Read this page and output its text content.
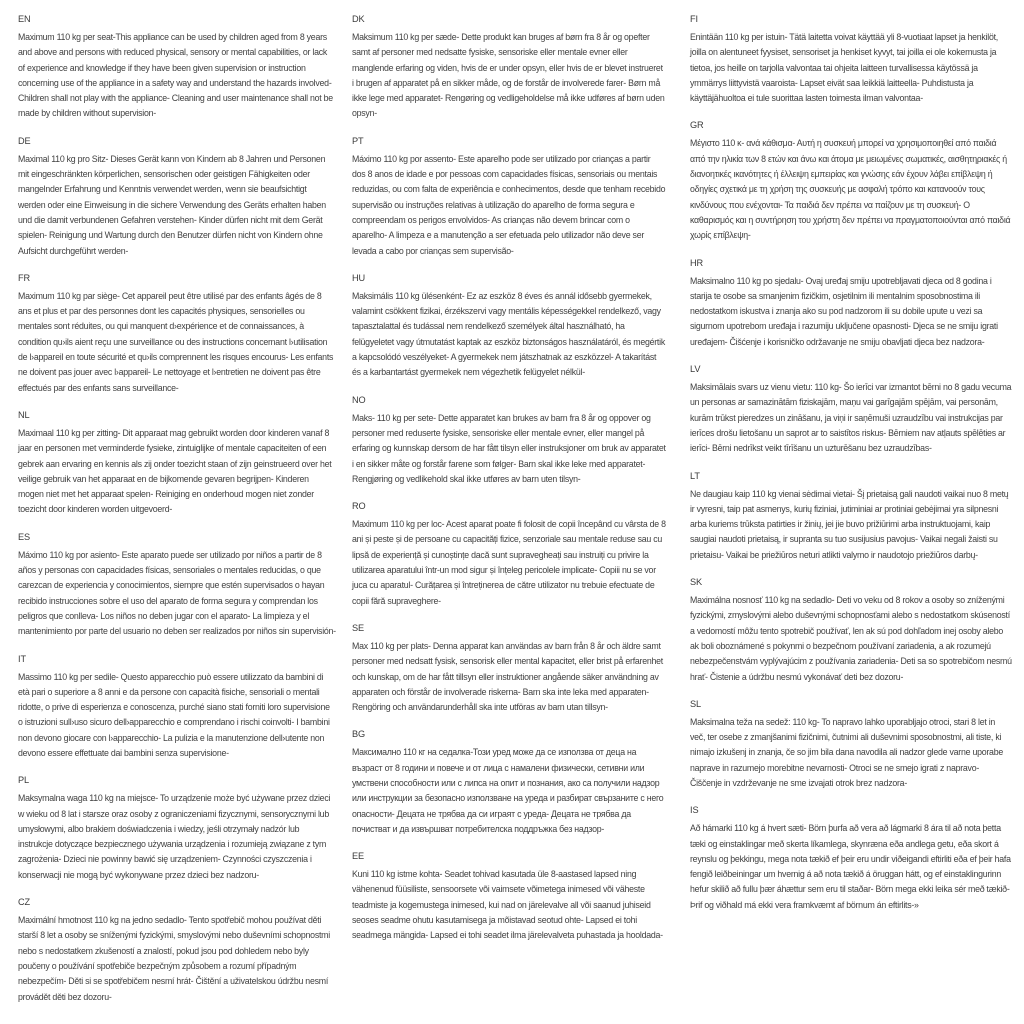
EN

Maximum 110 kg per seat-This appliance can be used by children aged from 8 years and above and persons with reduced physical, sensory or mental capabilities, or lack of experience and knowledge if they have been given supervision or instruction concerning use of the appliance in a safety way and understand the hazards involved- Children shall not play with the appliance- Cleaning and user maintenance shall not be made by children without supervision-

DE

Maximal 110 kg pro Sitz- Dieses Gerät kann von Kindern ab 8 Jahren und Personen mit eingeschränkten körperlichen, sensorischen oder geistigen Fähigkeiten oder mangelnder Erfahrung und Kenntnis verwendet werden, wenn sie beaufsichtigt werden oder eine Einweisung in die sichere Verwendung des Geräts erhalten haben und die damit verbundenen Gefahren verstehen- Kinder dürfen nicht mit dem Gerät spielen- Reinigung und Wartung durch den Benutzer dürfen nicht von Kindern ohne Aufsicht durchgeführt werden-

FR

Maximum 110 kg par siège- Cet appareil peut être utilisé par des enfants âgés de 8 ans et plus et par des personnes dont les capacités physiques, sensorielles ou mentales sont réduites, ou qui manquent d›expérience et de connaissances, à condition qu›ils aient reçu une surveillance ou des instructions concernant l›utilisation de l›appareil en toute sécurité et qu›ils comprennent les risques encourus- Les enfants ne doivent pas jouer avec l›appareil- Le nettoyage et l›entretien ne doivent pas être effectués par des enfants sans surveillance-

NL

Maximaal 110 kg per zitting- Dit apparaat mag gebruikt worden door kinderen vanaf 8 jaar en personen met verminderde fysieke, zintuiglijke of mentale capaciteiten of een gebrek aan ervaring en kennis als zij onder toezicht staan of zijn geinstrueerd over het veilige gebruik van het apparaat en de bijkomende gevaren begrijpen- Kinderen mogen niet met het apparaat spelen- Reiniging en onderhoud mogen niet zonder toezicht door kinderen worden uitgevoerd-

ES

Máximo 110 kg por asiento- Este aparato puede ser utilizado por niños a partir de 8 años y personas con capacidades físicas, sensoriales o mentales reducidas, o que carezcan de experiencia y conocimientos, siempre que estén supervisados o hayan recibido instrucciones sobre el uso del aparato de forma segura y comprendan los peligros que conlleva- Los niños no deben jugar con el aparato- La limpieza y el mantenimiento por parte del usuario no deben ser realizados por niños sin supervisión-

IT

Massimo 110 kg per sedile- Questo apparecchio può essere utilizzato da bambini di età pari o superiore a 8 anni e da persone con capacità fisiche, sensoriali o mentali ridotte, o prive di esperienza e conoscenza, purché siano stati forniti loro supervisione o istruzioni sull›uso sicuro dell›apparecchio e comprendano i rischi coinvolti- I bambini non devono giocare con l›apparecchio- La pulizia e la manutenzione dell›utente non devono essere effettuate dai bambini senza supervisione-

PL

Maksymalna waga 110 kg na miejsce- To urządzenie może być używane przez dzieci w wieku od 8 lat i starsze oraz osoby z ograniczeniami fizycznymi, sensorycznymi lub umysłowymi, albo brakiem doświadczenia i wiedzy, jeśli otrzymały nadzór lub instrukcje dotyczące bezpiecznego używania urządzenia i rozumieją związane z tym zagrożenia- Dzieci nie powinny bawić się urządzeniem- Czynności czyszczenia i konserwacji nie mogą być wykonywane przez dzieci bez nadzoru-

CZ

Maximální hmotnost 110 kg na jedno sedadlo- Tento spotřebič mohou používat děti starší 8 let a osoby se sníženými fyzickými, smyslovými nebo duševními schopnostmi nebo s nedostatkem zkušeností a znalostí, pokud jsou pod dohledem nebo byly poučeny o používání spotřebiče bezpečným způsobem a rozumí případným nebezpečím- Děti si se spotřebičem nesmí hrát- Čištění a uživatelskou údržbu nesmí provádět děti bez dozoru-

DK

Maksimum 110 kg per sæde- Dette produkt kan bruges af børn fra 8 år og opefter samt af personer med nedsatte fysiske, sensoriske eller mentale evner eller manglende erfaring og viden, hvis de er under opsyn, eller hvis de er blevet instrueret i brugen af apparatet på en sikker måde, og de forstår de involverede farer- Børn må ikke lege med apparatet- Rengøring og vedligeholdelse må ikke udføres af børn uden opsyn-

PT

Máximo 110 kg por assento- Este aparelho pode ser utilizado por crianças a partir dos 8 anos de idade e por pessoas com capacidades físicas, sensoriais ou mentais reduzidas, ou com falta de experiência e conhecimentos, desde que tenham recebido supervisão ou instruções relativas à utilização do aparelho de forma segura e compreendam os perigos envolvidos- As crianças não devem brincar com o aparelho- A limpeza e a manutenção a ser efetuada pelo utilizador não deve ser levada a cabo por crianças sem supervisão-

HU

Maksimális 110 kg ülésenként- Ez az eszköz 8 éves és annál idősebb gyermekek, valamint csökkent fizikai, érzékszervi vagy mentális képességekkel rendelkező, vagy tapasztalattal és tudással nem rendelkező személyek által használható, ha felügyeletet vagy útmutatást kaptak az eszköz biztonságos használatáról, és megértik a kapcsolódó veszélyeket- A gyermekek nem játszhatnak az eszközzel- A takarítást és a karbantartást gyermekek nem végezhetik felügyelet nélkül-

NO

Maks- 110 kg per sete- Dette apparatet kan brukes av barn fra 8 år og oppover og personer med reduserte fysiske, sensoriske eller mentale evner, eller mangel på erfaring og kunnskap dersom de har fått tilsyn eller instruksjoner om bruk av apparatet i en sikker måte og forstår farene som følger- Barn skal ikke leke med apparatet- Rengjøring og vedlikehold skal ikke utføres av barn uten tilsyn-

RO

Maximum 110 kg per loc- Acest aparat poate fi folosit de copii începând cu vârsta de 8 ani și peste și de persoane cu capacități fizice, senzoriale sau mentale reduse sau cu lipsă de experiență și cunoștințe dacă sunt supravegheați sau instruiți cu privire la utilizarea aparatului într-un mod sigur și înțeleg pericolele implicate- Copiii nu se vor juca cu aparatul- Curățarea și întreținerea de către utilizator nu trebuie efectuate de copii fără supraveghere-

SE

Max 110 kg per plats- Denna apparat kan användas av barn från 8 år och äldre samt personer med nedsatt fysisk, sensorisk eller mental kapacitet, eller brist på erfarenhet och kunskap, om de har fått tillsyn eller instruktioner angående säker användning av apparaten och förstår de involverade riskerna- Barn ska inte leka med apparaten- Rengöring och användarunderhåll ska inte utföras av barn utan tillsyn-

BG

Максимално 110 кг на седалка-Този уред може да се използва от деца на възраст от 8 години и повече и от лица с намалени физически, сетивни или умствени способности или с липса на опит и познания, ако са получили надзор или инструкции за безопасно използване на уреда и разбират свързаните с него опасности- Децата не трябва да си играят с уреда- Децата не трябва да почистват и да извършват потребителска поддръжка без надзор-

EE

Kuni 110 kg istme kohta- Seadet tohivad kasutada üle 8-aastased lapsed ning vähenenud füüsiliste, sensoorsete või vaimsete võimetega inimesed või väheste teadmiste ja kogemustega inimesed, kui nad on järelevalve all või saanud juhiseid seoses seadme ohutu kasutamisega ja mõistavad seotud ohte- Lapsed ei tohi seadmega mängida- Lapsed ei tohi seadet ilma järelevalveta puhastada ja hooldada-

FI

Enintään 110 kg per istuin- Tätä laitetta voivat käyttää yli 8-vuotiaat lapset ja henkilöt, joilla on alentuneet fyysiset, sensoriset ja henkiset kyvyt, tai joilla ei ole kokemusta ja tietoa, jos heille on tarjolla valvontaa tai ohjeita laitteen turvallisessa käytössä ja ymmärrys liittyvistä vaaroista- Lapset eivät saa leikkiä laitteella- Puhdistusta ja käyttäjähuoltoa ei tule suorittaa lasten toimesta ilman valvontaa-

GR

Μέγιστο 110 κ- ανά κάθισμα- Αυτή η συσκευή μπορεί να χρησιμοποιηθεί από παιδιά από την ηλικία των 8 ετών και άνω και άτομα με μειωμένες σωματικές, αισθητηριακές ή διανοητικές ικανότητες ή έλλειψη εμπειρίας και γνώσης εάν έχουν λάβει επίβλεψη ή οδηγίες σχετικά με τη χρήση της συσκευής με ασφαλή τρόπο και κατανοούν τους κινδύνους που ενέχονται- Τα παιδιά δεν πρέπει να παίζουν με τη συσκευή- Ο καθαρισμός και η συντήρηση του χρήστη δεν πρέπει να πραγματοποιούνται από παιδιά χωρίς επίβλεψη-

HR

Maksimalno 110 kg po sjedalu- Ovaj uređaj smiju upotrebljavati djeca od 8 godina i starija te osobe sa smanjenim fizičkim, osjetilnim ili mentalnim sposobnostima ili nedostatkom iskustva i znanja ako su pod nadzorom ili su dobile upute u vezi sa sigurnom upotrebom uređaja i razumiju uključene opasnosti- Djeca se ne smiju igrati uređajem- Čišćenje i korisničko održavanje ne smiju obavljati djeca bez nadzora-

LV

Maksimālais svars uz vienu vietu: 110 kg- Šo ierīci var izmantot bērni no 8 gadu vecuma un personas ar samazinātām fiziskajām, maņu vai garīgajām spējām, vai personām, kurām trūkst pieredzes un zināšanu, ja viņi ir saņēmuši uzraudzību vai instrukcijas par ierīces drošu lietošanu un saprot ar to saistītos riskus- Bērniem nav atļauts spēlēties ar ierīci- Bērni nedrīkst veikt tīrīšanu un uzturēšanu bez uzraudzības-

LT

Ne daugiau kaip 110 kg vienai sėdimai vietai- Šį prietaisą gali naudoti vaikai nuo 8 metų ir vyresni, taip pat asmenys, kurių fiziniai, jutiminiai ar protiniai gebėjimai yra silpnesni arba kuriems trūksta patirties ir žinių, jei jie buvo prižiūrimi arba instruktuojami, kaip saugiai naudoti prietaisą, ir supranta su tuo susijusius pavojus- Vaikai negali žaisti su prietaisu- Vaikai be priežiūros neturi atlikti valymo ir naudotojo priežiūros darbų-

SK

Maximálna nosnosť 110 kg na sedadlo- Deti vo veku od 8 rokov a osoby so zníženými fyzickými, zmyslovými alebo duševnými schopnosťami alebo s nedostatkom skúseností a vedomostí môžu tento spotrebič používať, len ak sú pod dohľadom inej osoby alebo ak boli oboznámené s pokynmi o bezpečnom používaní zariadenia, a ak rozumejú nebezpečenstvám vyplývajúcim z používania zariadenia- Deti sa so spotrebičom nesmú hrať- Čistenie a údržbu nesmú vykonávať deti bez dozoru-

SL

Maksimalna teža na sedež: 110 kg- To napravo lahko uporabljajo otroci, stari 8 let in več, ter osebe z zmanjšanimi fizičnimi, čutnimi ali duševnimi sposobnostmi, ali tiste, ki nimajo izkušenj in znanja, če so jim bila dana navodila ali nadzor glede varne uporabe naprave in razumejo morebitne nevarnosti- Otroci se ne smejo igrati z napravo- Čiščenje in vzdrževanje ne sme izvajati otrok brez nadzora-

IS

Að hámarki 110 kg á hvert sæti- Börn þurfa að vera að lágmarki 8 ára til að nota þetta tæki og einstaklingar með skerta líkamlega, skynræna eða andlega getu, eða skort á reynslu og þekkingu, mega nota tækið ef þeir eru undir viðeigandi eftirliti eða ef þeir hafa fengið leiðbeiningar um hvernig á að nota tækið á öruggan hátt, og ef einstaklingurinn hefur skilið að fullu þær áhættur sem eru til staðar- Börn mega ekki leika sér með tækið- Þrif og viðhald má ekki vera framkvæmt af börnum án eftirlits-»
